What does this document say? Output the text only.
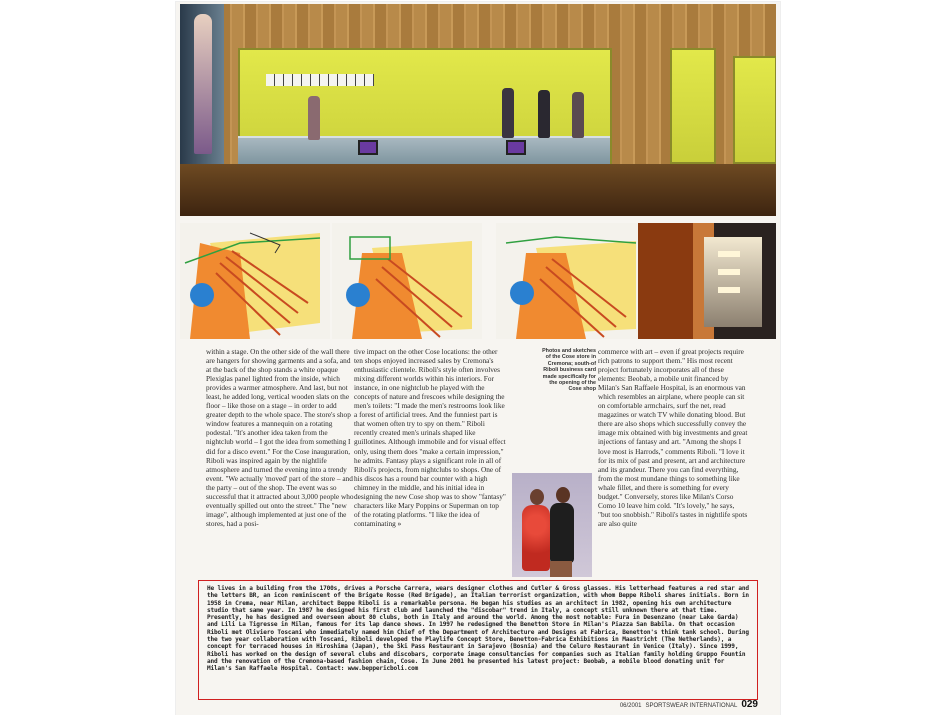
within a stage. On the other side of the wall there are hangers for showing garments and a sofa, and at the back of the shop stands a white opaque Plexiglas panel lighted from the inside, which provides a warmer atmosphere. And last, but not least, he added long, vertical wooden slats on the floor – like those on a stage – in order to add greater depth to the whole space. The store's shop window features a mannequin on a rotating podestal. "It's another idea taken from the nightclub world – I got the idea from something I did for a disco event." For the Cose inauguration, Riboli was inspired again by the nightlife atmosphere and turned the evening into a trendy event. "We actually 'moved' part of the store – and the party – out of the shop. The event was so successful that it attracted about 3,000 people who eventually spilled out onto the street." The "new image", although implemented at just one of the stores, had a posi-
tive impact on the other Cose locations: the other ten shops enjoyed increased sales by Cremona's enthusiastic clientele. Riboli's style often involves mixing different worlds within his interiors. For instance, in one nightclub he played with the concepts of nature and frescoes while designing the men's toilets: "I made the men's restrooms look like a forest of artificial trees. And the funniest part is that women often try to spy on them." Riboli recently created men's urinals shaped like guillotines. Although immobile and for visual effect only, using them does "make a certain impression," he admits. Fantasy plays a significant role in all of Riboli's projects, from nightclubs to shops. One of his discos has a round bar counter with a high chimney in the middle, and his initial idea in designing the new Cose shop was to show "fantasy" characters like Mary Poppins or Superman on top of the rotating platforms. "I like the idea of contaminating »
Photos and sketches of the Cose store in Cremona; south-of Riboli business card made specifically for the opening of the Cose shop
commerce with art – even if great projects require rich patrons to support them." His most recent project fortunately incorporates all of these elements: Beobab, a mobile unit financed by Milan's San Raffaele Hospital, is an enormous van which resembles an airplane, where people can sit on comfortable armchairs, surf the net, read magazines or watch TV while donating blood. But there are also shops which successfully convey the image mix obtained with big investments and great injections of fantasy and art. "Among the shops I love most is Harrods," comments Riboli. "I love it for its mix of past and present, art and architecture and its grandeur. There you can find everything, from the most mundane things to something like whale fillet, and there is something for every budget." Conversely, stores like Milan's Corso Como 10 leave him cold. "It's lovely," he says, "but too snobbish." Riboli's tastes in nightlife spots are also quite
He lives in a building from the 1700s, drives a Porsche Carrera, wears designer clothes and Cutler & Gross glasses. His letterhead features a red star and the letters BR, an icon reminiscent of the Brigate Rosse (Red Brigade), an Italian terrorist organization, with whom Beppe Riboli shares initials. Born in 1958 in Crema, near Milan, architect Beppe Riboli is a remarkable persona. He began his studies as an architect in 1982, opening his own architecture studio that same year. In 1987 he designed his first club and launched the "discobar" trend in Italy, a concept still unknown there at that time. Presently, he has designed and overseen about 80 clubs, both in Italy and around the world. Among the most notable: Fura in Desenzano (near Lake Garda) and Lili La Tigresse in Milan, famous for its lap dance shows. In 1997 he redesigned the Benetton Store in Milan's Piazza San Babila. On that occasion Riboli met Oliviero Toscani who immediately named him Chief of the Department of Architecture and Designs at Fabrica, Benetton's think tank school. During the two year collaboration with Toscani, Riboli developed the Playlife Concept Store, Benetton-Fabrica Exhibitions in Maastricht (The Netherlands), a concept for terraced houses in Hiroshima (Japan), the Ski Pass Restaurant in Sarajevo (Bosnia) and the Celuro Restaurant in Venice (Italy). Since 1999, Riboli has worked on the design of several clubs and discobars, corporate image consultancies for companies such as Italian family holding Gruppo Fountin and the renovation of the Cremona-based fashion chain, Cose. In June 2001 he presented his latest project: Beobab, a mobile blood donating unit for Milan's San Raffaele Hospital. Contact: www.beppericboli.com
06/2001 SPORTSWEAR INTERNATIONAL 029
